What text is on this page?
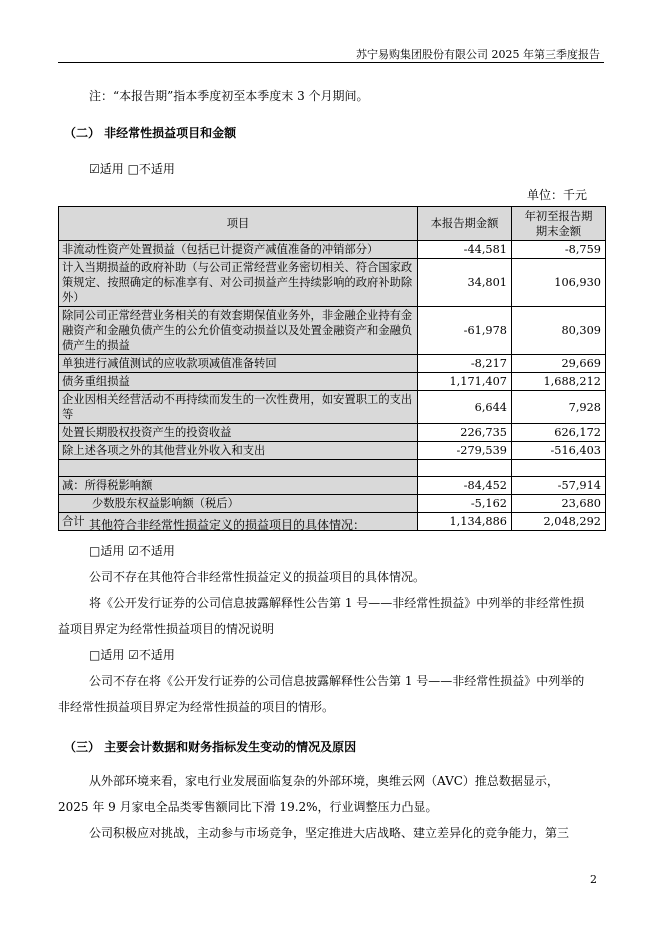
苏宁易购集团股份有限公司 2025 年第三季度报告
注：“本报告期”指本季度初至本季度末 3 个月期间。
（二） 非经常性损益项目和金额
☑适用 □不适用
单位：千元
项目	本报告期金额	年初至报告期
期末金额
非流动性资产处置损益（包括已计提资产减值准备的冲销部分）	-44,581	-8,759
计入当期损益的政府补助（与公司正常经营业务密切相关、符合国家政策规定、按照确定的标准享有、对公司损益产生持续影响的政府补助除外）	34,801	106,930
除同公司正常经营业务相关的有效套期保值业务外，非金融企业持有金融资产和金融负债产生的公允价值变动损益以及处置金融资产和金融负债产生的损益	-61,978	80,309
单独进行减值测试的应收款项减值准备转回	-8,217	29,669
债务重组损益	1,171,407	1,688,212
企业因相关经营活动不再持续而发生的一次性费用，如安置职工的支出等	6,644	7,928
处置长期股权投资产生的投资收益	226,735	626,172
除上述各项之外的其他营业外收入和支出	-279,539	-516,403

减：所得税影响额	-84,452	-57,914
少数股东权益影响额（税后）	-5,162	23,680
合计	1,134,886	2,048,292
其他符合非经常性损益定义的损益项目的具体情况：
□适用 ☑不适用
公司不存在其他符合非经常性损益定义的损益项目的具体情况。
将《公开发行证券的公司信息披露解释性公告第 1 号——非经常性损益》中列举的非经常性损
益项目界定为经常性损益项目的情况说明
□适用 ☑不适用
公司不存在将《公开发行证券的公司信息披露解释性公告第 1 号——非经常性损益》中列举的
非经常性损益项目界定为经常性损益的项目的情形。
（三） 主要会计数据和财务指标发生变动的情况及原因
从外部环境来看，家电行业发展面临复杂的外部环境，奥维云网（AVC）推总数据显示，
2025 年 9 月家电全品类零售额同比下滑 19.2%，行业调整压力凸显。
公司积极应对挑战，主动参与市场竞争，坚定推进大店战略、建立差异化的竞争能力，第三
2
